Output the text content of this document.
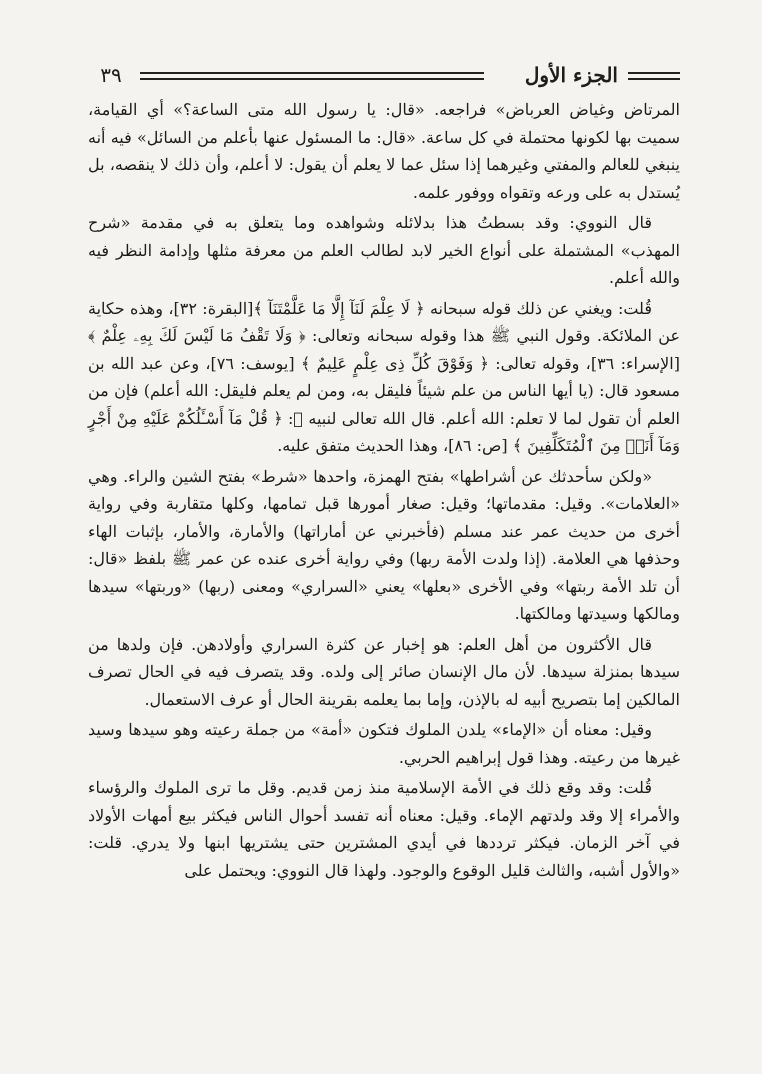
الجزء الأول
٣٩

المرتاض وغياض العرباض» فراجعه. «قال: يا رسول الله متى الساعة؟» أي القيامة، سميت بها لكونها محتملة في كل ساعة. «قال: ما المسئول عنها بأعلم من السائل» فيه أنه ينبغي للعالم والمفتي وغيرهما إذا سئل عما لا يعلم أن يقول: لا أعلم، وأن ذلك لا ينقصه، بل يُستدل به على ورعه وتقواه ووفور علمه.

قال النووي: وقد بسطتُ هذا بدلائله وشواهده وما يتعلق به في مقدمة «شرح المهذب» المشتملة على أنواع الخير لابد لطالب العلم من معرفة مثلها وإدامة النظر فيه والله أعلم.

قُلت: ويغني عن ذلك قوله سبحانه ﴿ لَا عِلْمَ لَنَآ إِلَّا مَا عَلَّمْتَنَآ ﴾[البقرة: ٣٢]، وهذه حكاية عن الملائكة. وقول النبي ﷺ هذا وقوله سبحانه وتعالى: ﴿ وَلَا تَقْفُ مَا لَيْسَ لَكَ بِهِۦ عِلْمٌ ﴾ [الإسراء: ٣٦]، وقوله تعالى: ﴿ وَفَوْقَ كُلِّ ذِى عِلْمٍ عَلِيمٌ ﴾ [يوسف: ٧٦]، وعن عبد الله بن مسعود قال: (يا أيها الناس من علم شيئاً فليقل به، ومن لم يعلم فليقل: الله أعلم) فإن من العلم أن تقول لما لا تعلم: الله أعلم. قال الله تعالى لنبيه ﷺ: ﴿ قُلْ مَآ أَسْـَٔلُكُمْ عَلَيْهِ مِنْ أَجْرٍ وَمَآ أَنَا۠ مِنَ ٱلْمُتَكَلِّفِينَ ﴾ [ص: ٨٦]، وهذا الحديث متفق عليه.

«ولكن سأحدثك عن أشراطها» بفتح الهمزة، واحدها «شرط» بفتح الشين والراء. وهي «العلامات». وقيل: مقدماتها؛ وقيل: صغار أمورها قبل تمامها، وكلها متقاربة وفي رواية أخرى من حديث عمر عند مسلم (فأخبرني عن أماراتها) والأمارة، والأمار، بإثبات الهاء وحذفها هي العلامة. (إذا ولدت الأمة ربها) وفي رواية أخرى عنده عن عمر ﷺ بلفظ «قال: أن تلد الأمة ربتها» وفي الأخرى «بعلها» يعني «السراري» ومعنى (ربها) «وربتها» سيدها ومالكها وسيدتها ومالكتها.

قال الأكثرون من أهل العلم: هو إخبار عن كثرة السراري وأولادهن. فإن ولدها من سيدها بمنزلة سيدها. لأن مال الإنسان صائر إلى ولده. وقد يتصرف فيه في الحال تصرف المالكين إما بتصريح أبيه له بالإذن، وإما بما يعلمه بقرينة الحال أو عرف الاستعمال.

وقيل: معناه أن «الإماء» يلدن الملوك فتكون «أمة» من جملة رعيته وهو سيدها وسيد غيرها من رعيته. وهذا قول إبراهيم الحربي.

قُلت: وقد وقع ذلك في الأمة الإسلامية منذ زمن قديم. وقل ما ترى الملوك والرؤساء والأمراء إلا وقد ولدتهم الإماء. وقيل: معناه أنه تفسد أحوال الناس فيكثر بيع أمهات الأولاد في آخر الزمان. فيكثر ترددها في أيدي المشترين حتى يشتريها ابنها ولا يدري. قلت: «والأول أشبه، والثالث قليل الوقوع والوجود. ولهذا قال النووي: ويحتمل على
